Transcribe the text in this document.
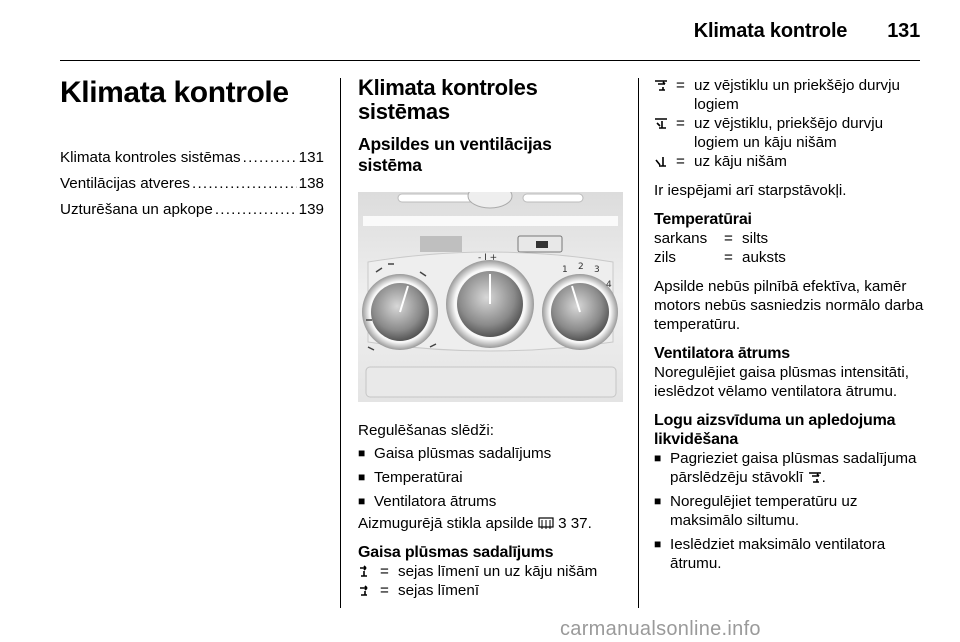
Klimata kontrole 131
Klimata kontrole
Klimata kontroles sistēmas . . .	131
Ventilācijas atveres . . .	138
Uzturēšana un apkope . . .	139
Klimata kontroles
sistēmas
Apsildes un ventilācijas
sistēma
- I +
1 2 3
4

Regulēšanas slēdži:

■ Gaisa plūsmas sadalījums
■ Temperatūrai
■ Ventilatora ātrums

Aizmugurējā stikla apsilde 3 37.

Gaisa plūsmas sadalījums
	=	sejas līmenī un uz kāju nišām
	=	sejas līmenī
	=	uz vējstiklu un priekšējo durvju logiem
	=	uz vējstiklu, priekšējo durvju logiem un kāju nišām
	=	uz kāju nišām

Ir iespējami arī starpstāvokļi.

Temperatūrai
sarkans	=	silts
zils	=	auksts

Apsilde nebūs pilnībā efektīva, kamēr motors nebūs sasniedzis normālo darba temperatūru.

Ventilatora ātrums

Noregulējiet gaisa plūsmas intensitāti, ieslēdzot vēlamo ventilatora ātrumu.

Logu aizsvīduma un apledojuma
likvidēšana
■ Pagrieziet gaisa plūsmas sadalījuma pārslēdzēju stāvoklī .
■ Noregulējiet temperatūru uz maksimālo siltumu.
■ Ieslēdziet maksimālo ventilatora ātrumu.
carmanualsonline.info
